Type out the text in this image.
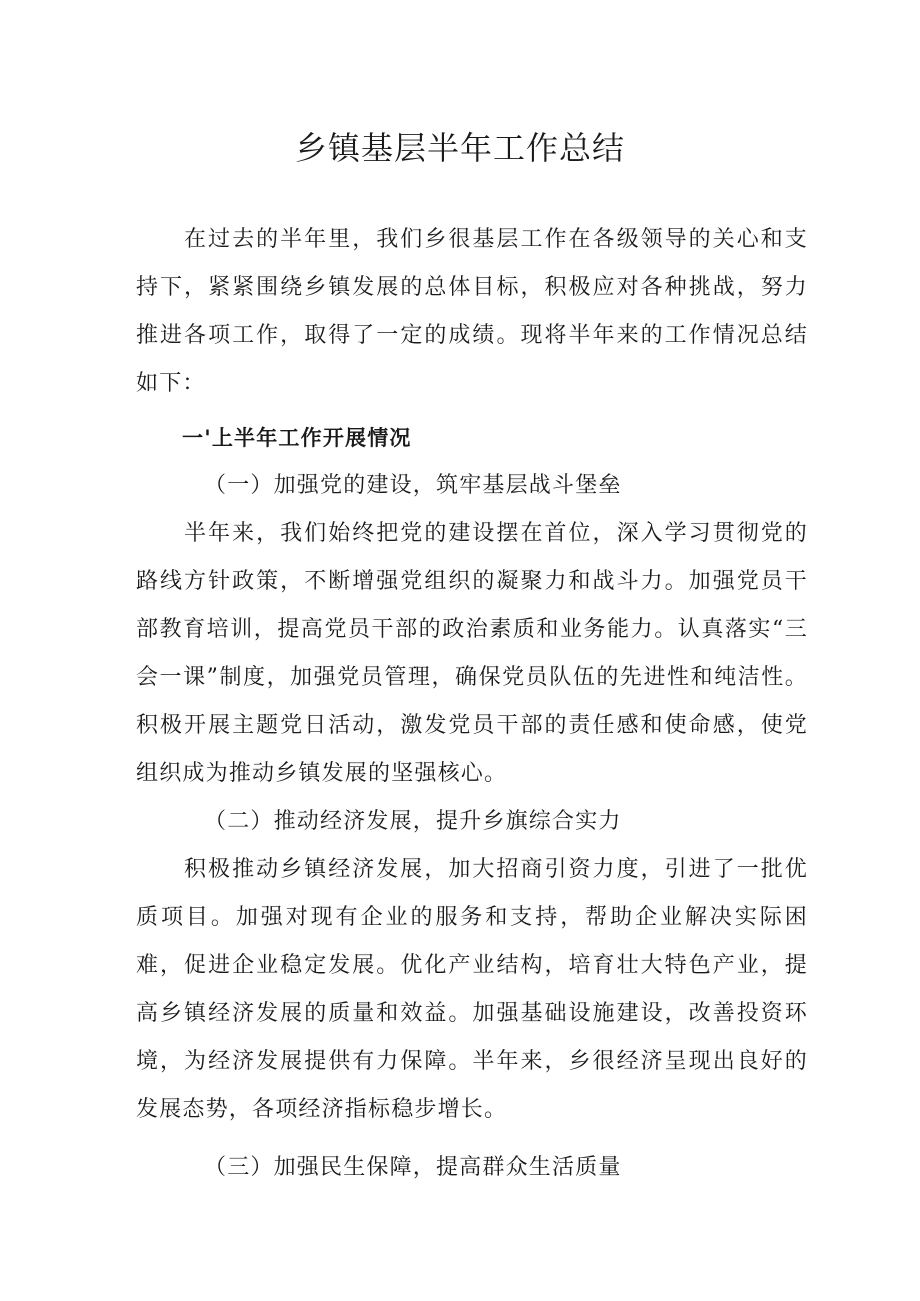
乡镇基层半年工作总结

在过去的半年里，我们乡很基层工作在各级领导的关心和支持下，紧紧围绕乡镇发展的总体目标，积极应对各种挑战，努力推进各项工作，取得了一定的成绩。现将半年来的工作情况总结如下：

一'上半年工作开展情况

（一）加强党的建设，筑牢基层战斗堡垒

半年来，我们始终把党的建设摆在首位，深入学习贯彻党的路线方针政策，不断增强党组织的凝聚力和战斗力。加强党员干部教育培训，提高党员干部的政治素质和业务能力。认真落实“三会一课”制度，加强党员管理，确保党员队伍的先进性和纯洁性。积极开展主题党日活动，激发党员干部的责任感和使命感，使党组织成为推动乡镇发展的坚强核心。

（二）推动经济发展，提升乡旗综合实力

积极推动乡镇经济发展，加大招商引资力度，引进了一批优质项目。加强对现有企业的服务和支持，帮助企业解决实际困难，促进企业稳定发展。优化产业结构，培育壮大特色产业，提高乡镇经济发展的质量和效益。加强基础设施建设，改善投资环境，为经济发展提供有力保障。半年来，乡很经济呈现出良好的发展态势，各项经济指标稳步增长。

（三）加强民生保障，提高群众生活质量
